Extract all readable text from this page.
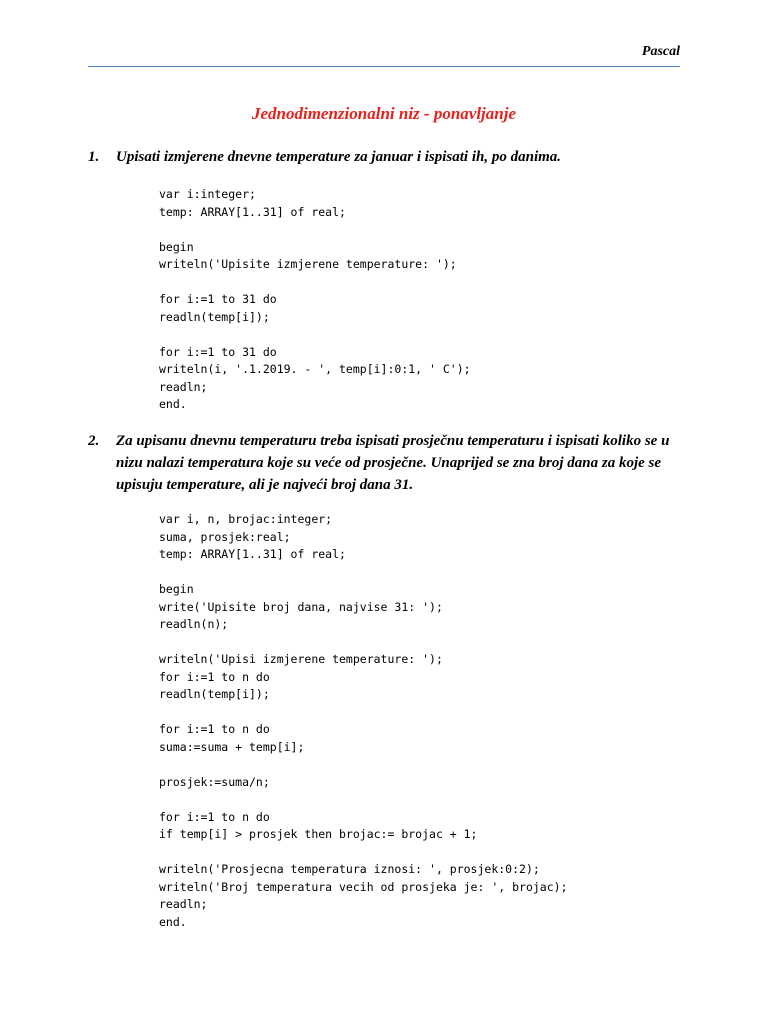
Pascal
Jednodimenzionalni niz - ponavljanje
1. Upisati izmjerene dnevne temperature za januar i ispisati ih, po danima.
var i:integer;
temp: ARRAY[1..31] of real;
begin
writeln('Upisite izmjerene temperature: ');
for i:=1 to 31 do
readln(temp[i]);
for i:=1 to 31 do
writeln(i, '.1.2019. - ', temp[i]:0:1, ' C');
readln;
end.
2. Za upisanu dnevnu temperaturu treba ispisati prosječnu temperaturu i ispisati koliko se u nizu nalazi temperatura koje su veće od prosječne. Unaprijed se zna broj dana za koje se upisuju temperature, ali je najveći broj dana 31.
var i, n, brojac:integer;
suma, prosjek:real;
temp: ARRAY[1..31] of real;
begin
write('Upisite broj dana, najvise 31: ');
readln(n);
writeln('Upisi izmjerene temperature: ');
for i:=1 to n do
readln(temp[i]);
for i:=1 to n do
suma:=suma + temp[i];
prosjek:=suma/n;
for i:=1 to n do
if temp[i] > prosjek then brojac:= brojac + 1;
writeln('Prosjecna temperatura iznosi: ', prosjek:0:2);
writeln('Broj temperatura vecih od prosjeka je: ', brojac);
readln;
end.
